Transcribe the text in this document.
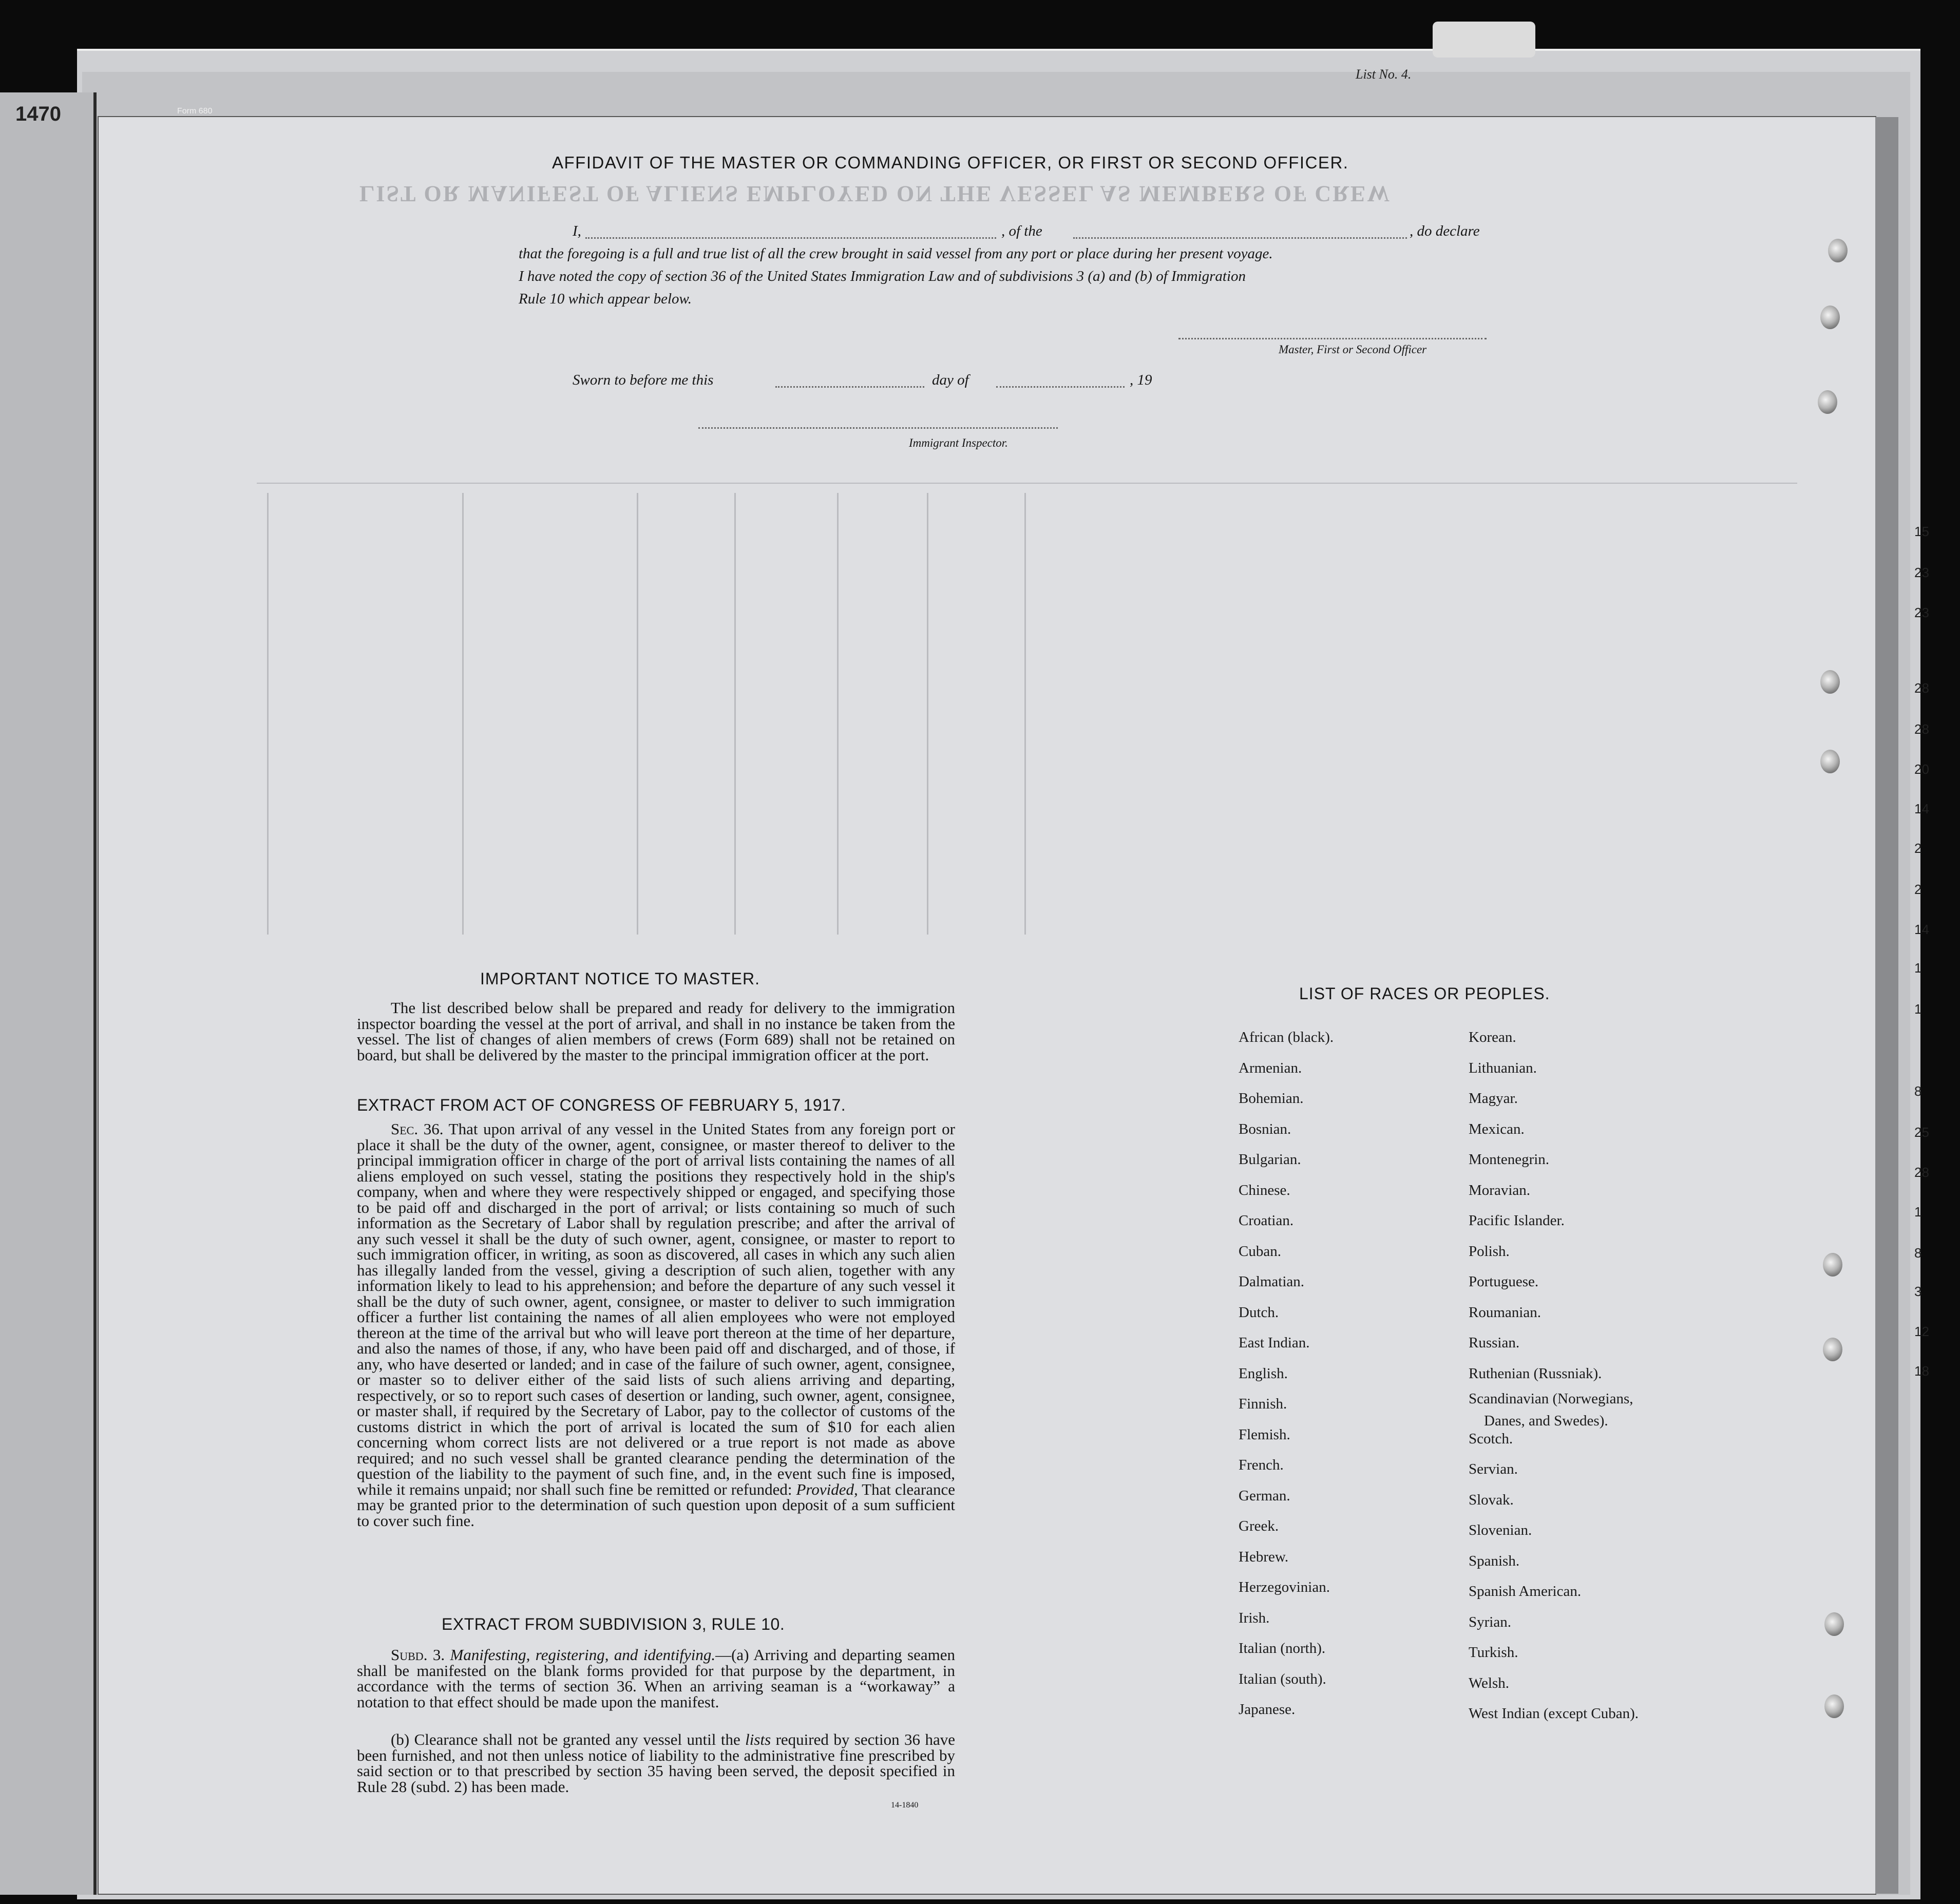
1470	Form 680
List No. 4.
LIST OR MANIFEST OF ALIENS EMPLOYED ON THE VESSEL AS MEMBERS OF CREW
15
23
23
28
28
20
14
2
2
14
1
1
8
25
28
1
8
3
12
18
AFFIDAVIT OF THE MASTER OR COMMANDING OFFICER, OR FIRST OR SECOND OFFICER.
I,	, of the	, do declare
that the foregoing is a full and true list of all the crew brought in said vessel from any port or place during her present voyage.
I have noted the copy of section 36 of the United States Immigration Law and of subdivisions 3 (a) and (b) of Immigration
Rule 10 which appear below.
Master, First or Second Officer
Sworn to before me this	day of	, 19
Immigrant Inspector.
IMPORTANT NOTICE TO MASTER.
The list described below shall be prepared and ready for delivery to the immigration inspector boarding the vessel at the port of arrival, and shall in no instance be taken from the vessel. The list of changes of alien members of crews (Form 689) shall not be retained on board, but shall be delivered by the master to the principal immigration officer at the port.
EXTRACT FROM ACT OF CONGRESS OF FEBRUARY 5, 1917.
Sec. 36. That upon arrival of any vessel in the United States from any foreign port or place it shall be the duty of the owner, agent, consignee, or master thereof to deliver to the principal immigration officer in charge of the port of arrival lists containing the names of all aliens employed on such vessel, stating the positions they respectively hold in the ship's company, when and where they were respectively shipped or engaged, and specifying those to be paid off and discharged in the port of arrival; or lists containing so much of such information as the Secretary of Labor shall by regulation prescribe; and after the arrival of any such vessel it shall be the duty of such owner, agent, consignee, or master to report to such immigration officer, in writing, as soon as discovered, all cases in which any such alien has illegally landed from the vessel, giving a description of such alien, together with any information likely to lead to his apprehension; and before the departure of any such vessel it shall be the duty of such owner, agent, consignee, or master to deliver to such immigration officer a further list containing the names of all alien employees who were not employed thereon at the time of the arrival but who will leave port thereon at the time of her departure, and also the names of those, if any, who have been paid off and discharged, and of those, if any, who have deserted or landed; and in case of the failure of such owner, agent, consignee, or master so to deliver either of the said lists of such aliens arriving and departing, respectively, or so to report such cases of desertion or landing, such owner, agent, consignee, or master shall, if required by the Secretary of Labor, pay to the collector of customs of the customs district in which the port of arrival is located the sum of $10 for each alien concerning whom correct lists are not delivered or a true report is not made as above required; and no such vessel shall be granted clearance pending the determination of the question of the liability to the payment of such fine, and, in the event such fine is imposed, while it remains unpaid; nor shall such fine be remitted or refunded: Provided, That clearance may be granted prior to the determination of such question upon deposit of a sum sufficient to cover such fine.
EXTRACT FROM SUBDIVISION 3, RULE 10.
Subd. 3. Manifesting, registering, and identifying.—(a) Arriving and departing seamen shall be manifested on the blank forms provided for that purpose by the department, in accordance with the terms of section 36. When an arriving seaman is a “workaway” a notation to that effect should be made upon the manifest.
(b) Clearance shall not be granted any vessel until the lists required by section 36 have been furnished, and not then unless notice of liability to the administrative fine prescribed by said section or to that prescribed by section 35 having been served, the deposit specified in Rule 28 (subd. 2) has been made.
14-1840
LIST OF RACES OR PEOPLES.
African (black).
Armenian.
Bohemian.
Bosnian.
Bulgarian.
Chinese.
Croatian.
Cuban.
Dalmatian.
Dutch.
East Indian.
English.
Finnish.
Flemish.
French.
German.
Greek.
Hebrew.
Herzegovinian.
Irish.
Italian (north).
Italian (south).
Japanese.
Korean.
Lithuanian.
Magyar.
Mexican.
Montenegrin.
Moravian.
Pacific Islander.
Polish.
Portuguese.
Roumanian.
Russian.
Ruthenian (Russniak).
Scandinavian (Norwegians,
Scotch.
Servian.
Slovak.
Slovenian.
Spanish.
Spanish American.
Syrian.
Turkish.
Welsh.
West Indian (except Cuban).
Danes, and Swedes).
